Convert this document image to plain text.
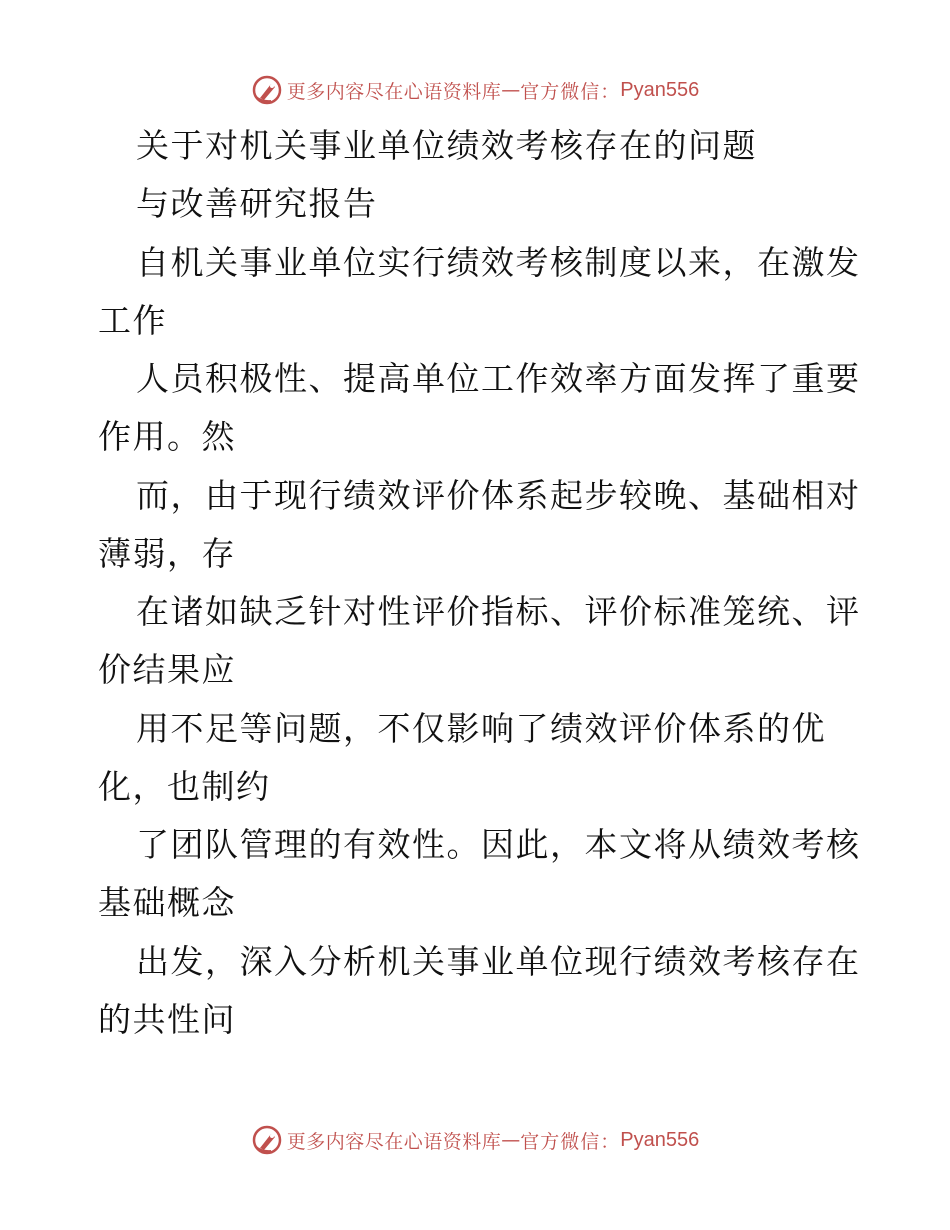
更多内容尽在心语资料库 — 官方微信： Pyan556
关于对机关事业单位绩效考核存在的问题
与改善研究报告
自机关事业单位实行绩效考核制度以来，在激发
工作
人员积极性、提高单位工作效率方面发挥了重要
作用。然
而，由于现行绩效评价体系起步较晚、基础相对
薄弱，存
在诸如缺乏针对性评价指标、评价标准笼统、评
价结果应
用不足等问题，不仅影响了绩效评价体系的优
化，也制约
了团队管理的有效性。因此，本文将从绩效考核
基础概念
出发，深入分析机关事业单位现行绩效考核存在
的共性问
更多内容尽在心语资料库 — 官方微信： Pyan556
